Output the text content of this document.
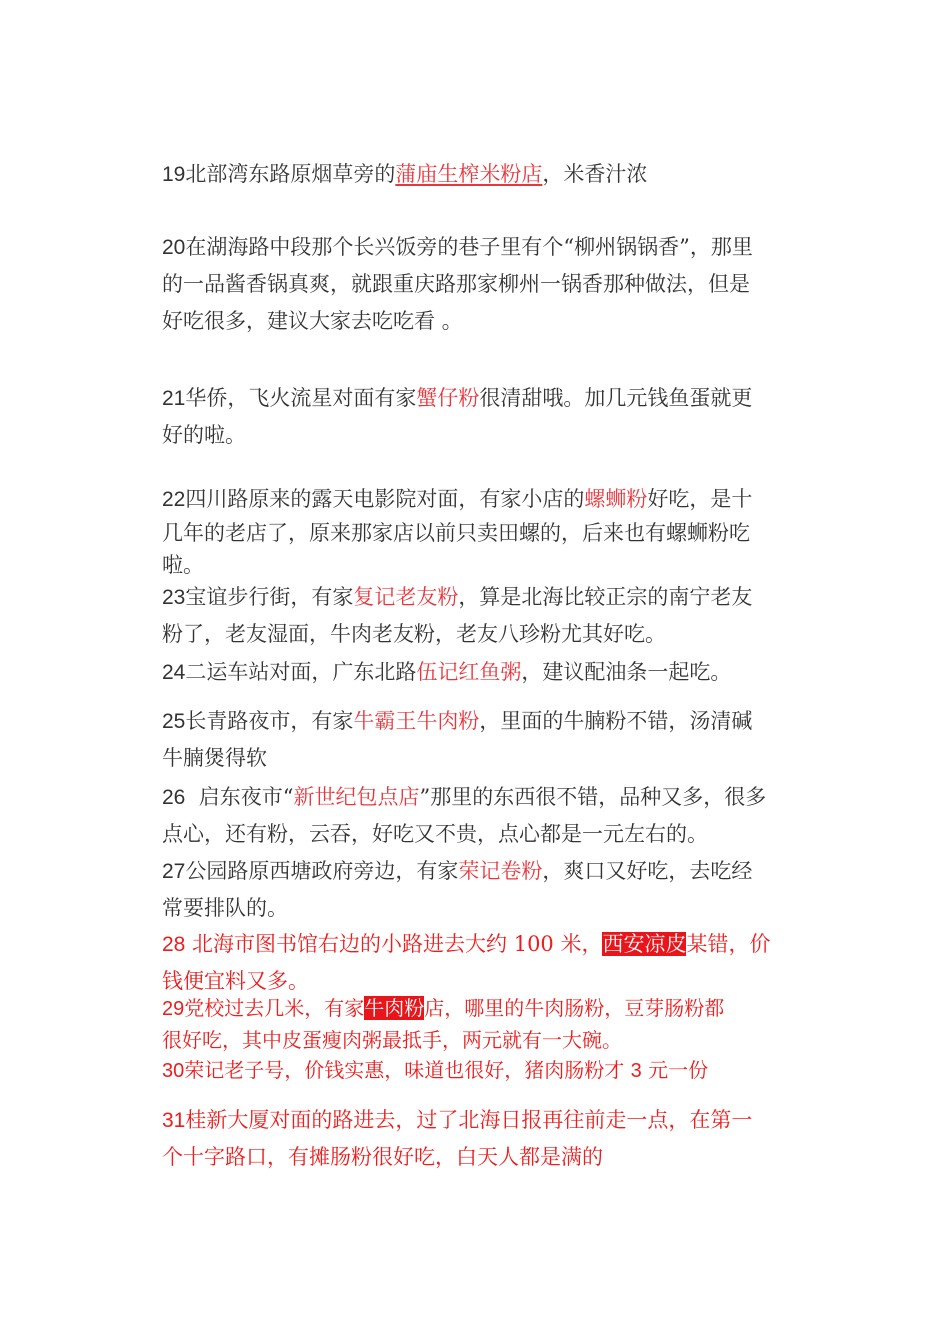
19北部湾东路原烟草旁的蒲庙生榨米粉店，米香汁浓
20在湖海路中段那个长兴饭旁的巷子里有个“柳州锅锅香”，那里
的一品酱香锅真爽，就跟重庆路那家柳州一锅香那种做法，但是
好吃很多，建议大家去吃吃看 。
21华侨，飞火流星对面有家蟹仔粉很清甜哦。加几元钱鱼蛋就更
好的啦。
22四川路原来的露天电影院对面，有家小店的螺蛳粉好吃，是十
几年的老店了，原来那家店以前只卖田螺的，后来也有螺蛳粉吃
啦。
23宝谊步行街，有家复记老友粉，算是北海比较正宗的南宁老友
粉了，老友湿面，牛肉老友粉，老友八珍粉尤其好吃。
24二运车站对面，广东北路伍记红鱼粥，建议配油条一起吃。
25长青路夜市，有家牛霸王牛肉粉，里面的牛腩粉不错，汤清碱
牛腩煲得软
26  启东夜市“新世纪包点店”那里的东西很不错，品种又多，很多
点心，还有粉，云吞，好吃又不贵，点心都是一元左右的。
27公园路原西塘政府旁边，有家荣记卷粉，爽口又好吃，去吃经
常要排队的。
28 北海市图书馆右边的小路进去大约 100 米，西安凉皮某错，价
钱便宜料又多。
29党校过去几米，有家牛肉粉店，哪里的牛肉肠粉，豆芽肠粉都
很好吃，其中皮蛋瘦肉粥最抵手，两元就有一大碗。
30荣记老子号，价钱实惠，味道也很好，猪肉肠粉才 3 元一份
31桂新大厦对面的路进去，过了北海日报再往前走一点，在第一
个十字路口，有摊肠粉很好吃，白天人都是满的
